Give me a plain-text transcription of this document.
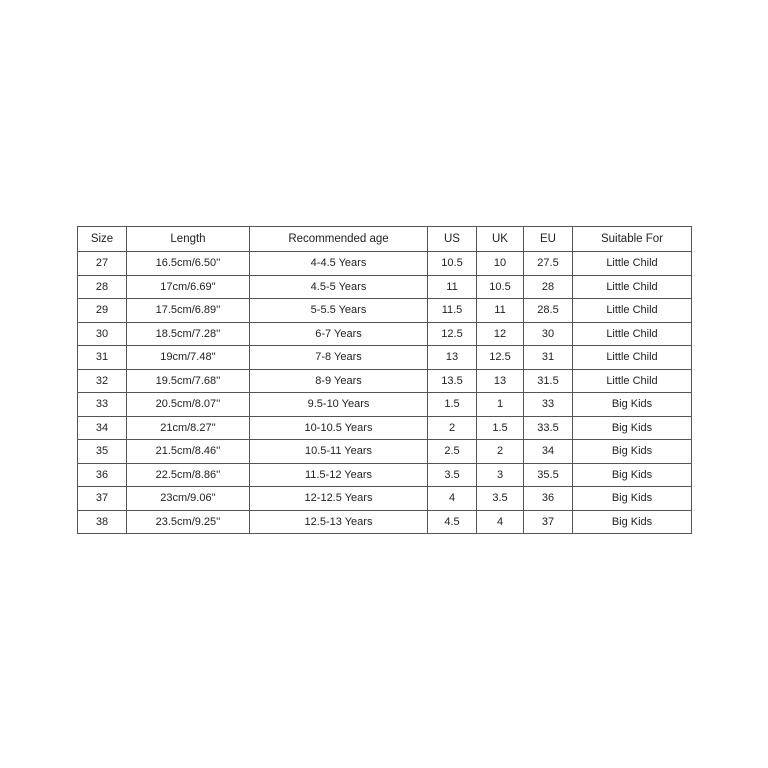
Size	Length	Recommended age	US	UK	EU	Suitable For
27	16.5cm/6.50''	4-4.5 Years	10.5	10	27.5	Little Child
28	17cm/6.69''	4.5-5 Years	11	10.5	28	Little Child
29	17.5cm/6.89''	5-5.5 Years	11.5	11	28.5	Little Child
30	18.5cm/7.28''	6-7 Years	12.5	12	30	Little Child
31	19cm/7.48''	7-8 Years	13	12.5	31	Little Child
32	19.5cm/7.68''	8-9 Years	13.5	13	31.5	Little Child
33	20.5cm/8.07''	9.5-10 Years	1.5	1	33	Big Kids
34	21cm/8.27''	10-10.5 Years	2	1.5	33.5	Big Kids
35	21.5cm/8.46''	10.5-11 Years	2.5	2	34	Big Kids
36	22.5cm/8.86''	11.5-12 Years	3.5	3	35.5	Big Kids
37	23cm/9.06''	12-12.5 Years	4	3.5	36	Big Kids
38	23.5cm/9.25''	12.5-13 Years	4.5	4	37	Big Kids
